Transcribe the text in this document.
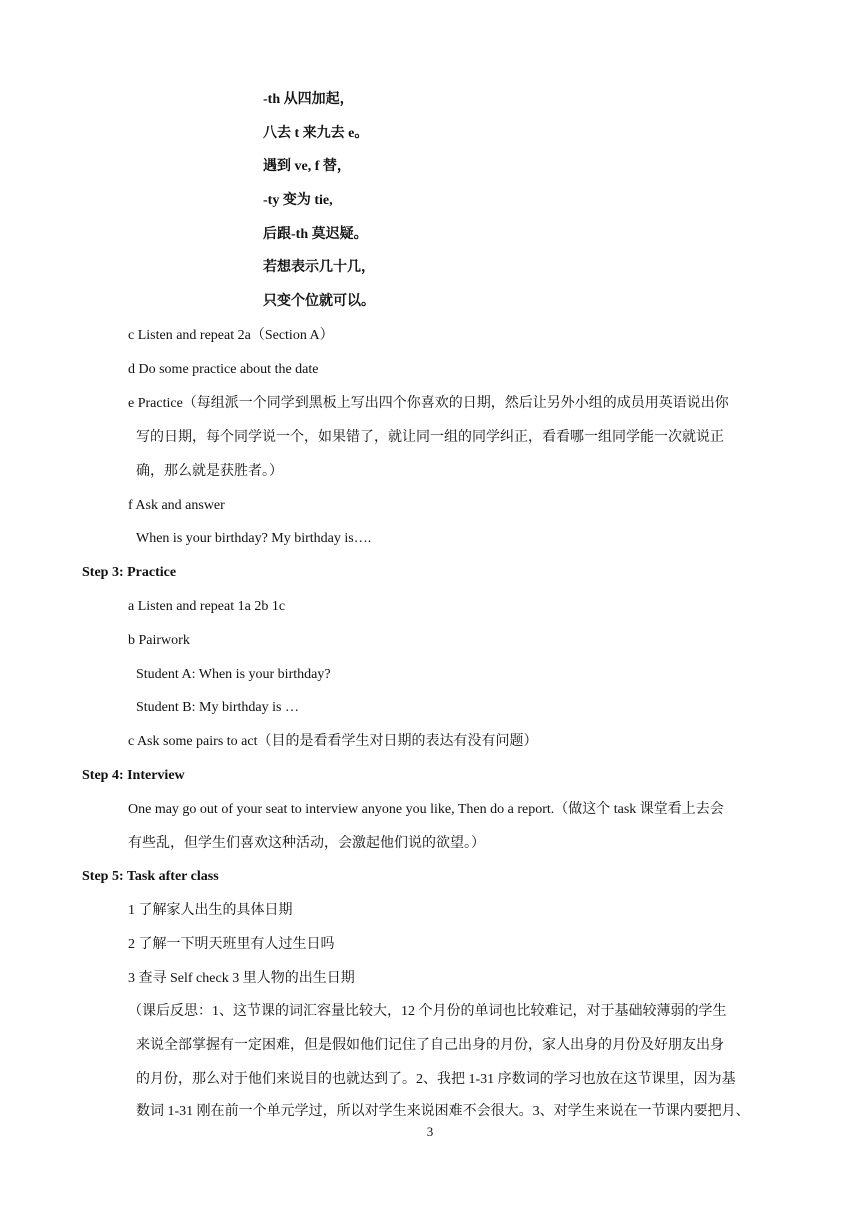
-th 从四加起，
八去 t 来九去 e。
遇到 ve, f 替，
-ty 变为 tie,
后跟-th 莫迟疑。
若想表示几十几，
只变个位就可以。
c Listen and repeat 2a（Section A）
d Do some practice about the date
e Practice（每组派一个同学到黑板上写出四个你喜欢的日期，然后让另外小组的成员用英语说出你
写的日期，每个同学说一个，如果错了，就让同一组的同学纠正，看看哪一组同学能一次就说正
确，那么就是获胜者。）
f Ask and answer
When is your birthday? My birthday is….
Step 3: Practice
a Listen and repeat 1a 2b 1c
b Pairwork
Student A: When is your birthday?
Student B: My birthday is …
c Ask some pairs to act（目的是看看学生对日期的表达有没有问题）
Step 4: Interview
One may go out of your seat to interview anyone you like, Then do a report.（做这个 task 课堂看上去会
有些乱，但学生们喜欢这种活动，会激起他们说的欲望。）
Step 5: Task after class
1 了解家人出生的具体日期
2 了解一下明天班里有人过生日吗
3 查寻 Self check 3 里人物的出生日期
（课后反思：1、这节课的词汇容量比较大，12 个月份的单词也比较难记，对于基础较薄弱的学生
来说全部掌握有一定困难，但是假如他们记住了自己出身的月份，家人出身的月份及好朋友出身
的月份，那么对于他们来说目的也就达到了。2、我把 1-31 序数词的学习也放在这节课里，因为基
数词 1-31 刚在前一个单元学过，所以对学生来说困难不会很大。3、对学生来说在一节课内要把月、
3
